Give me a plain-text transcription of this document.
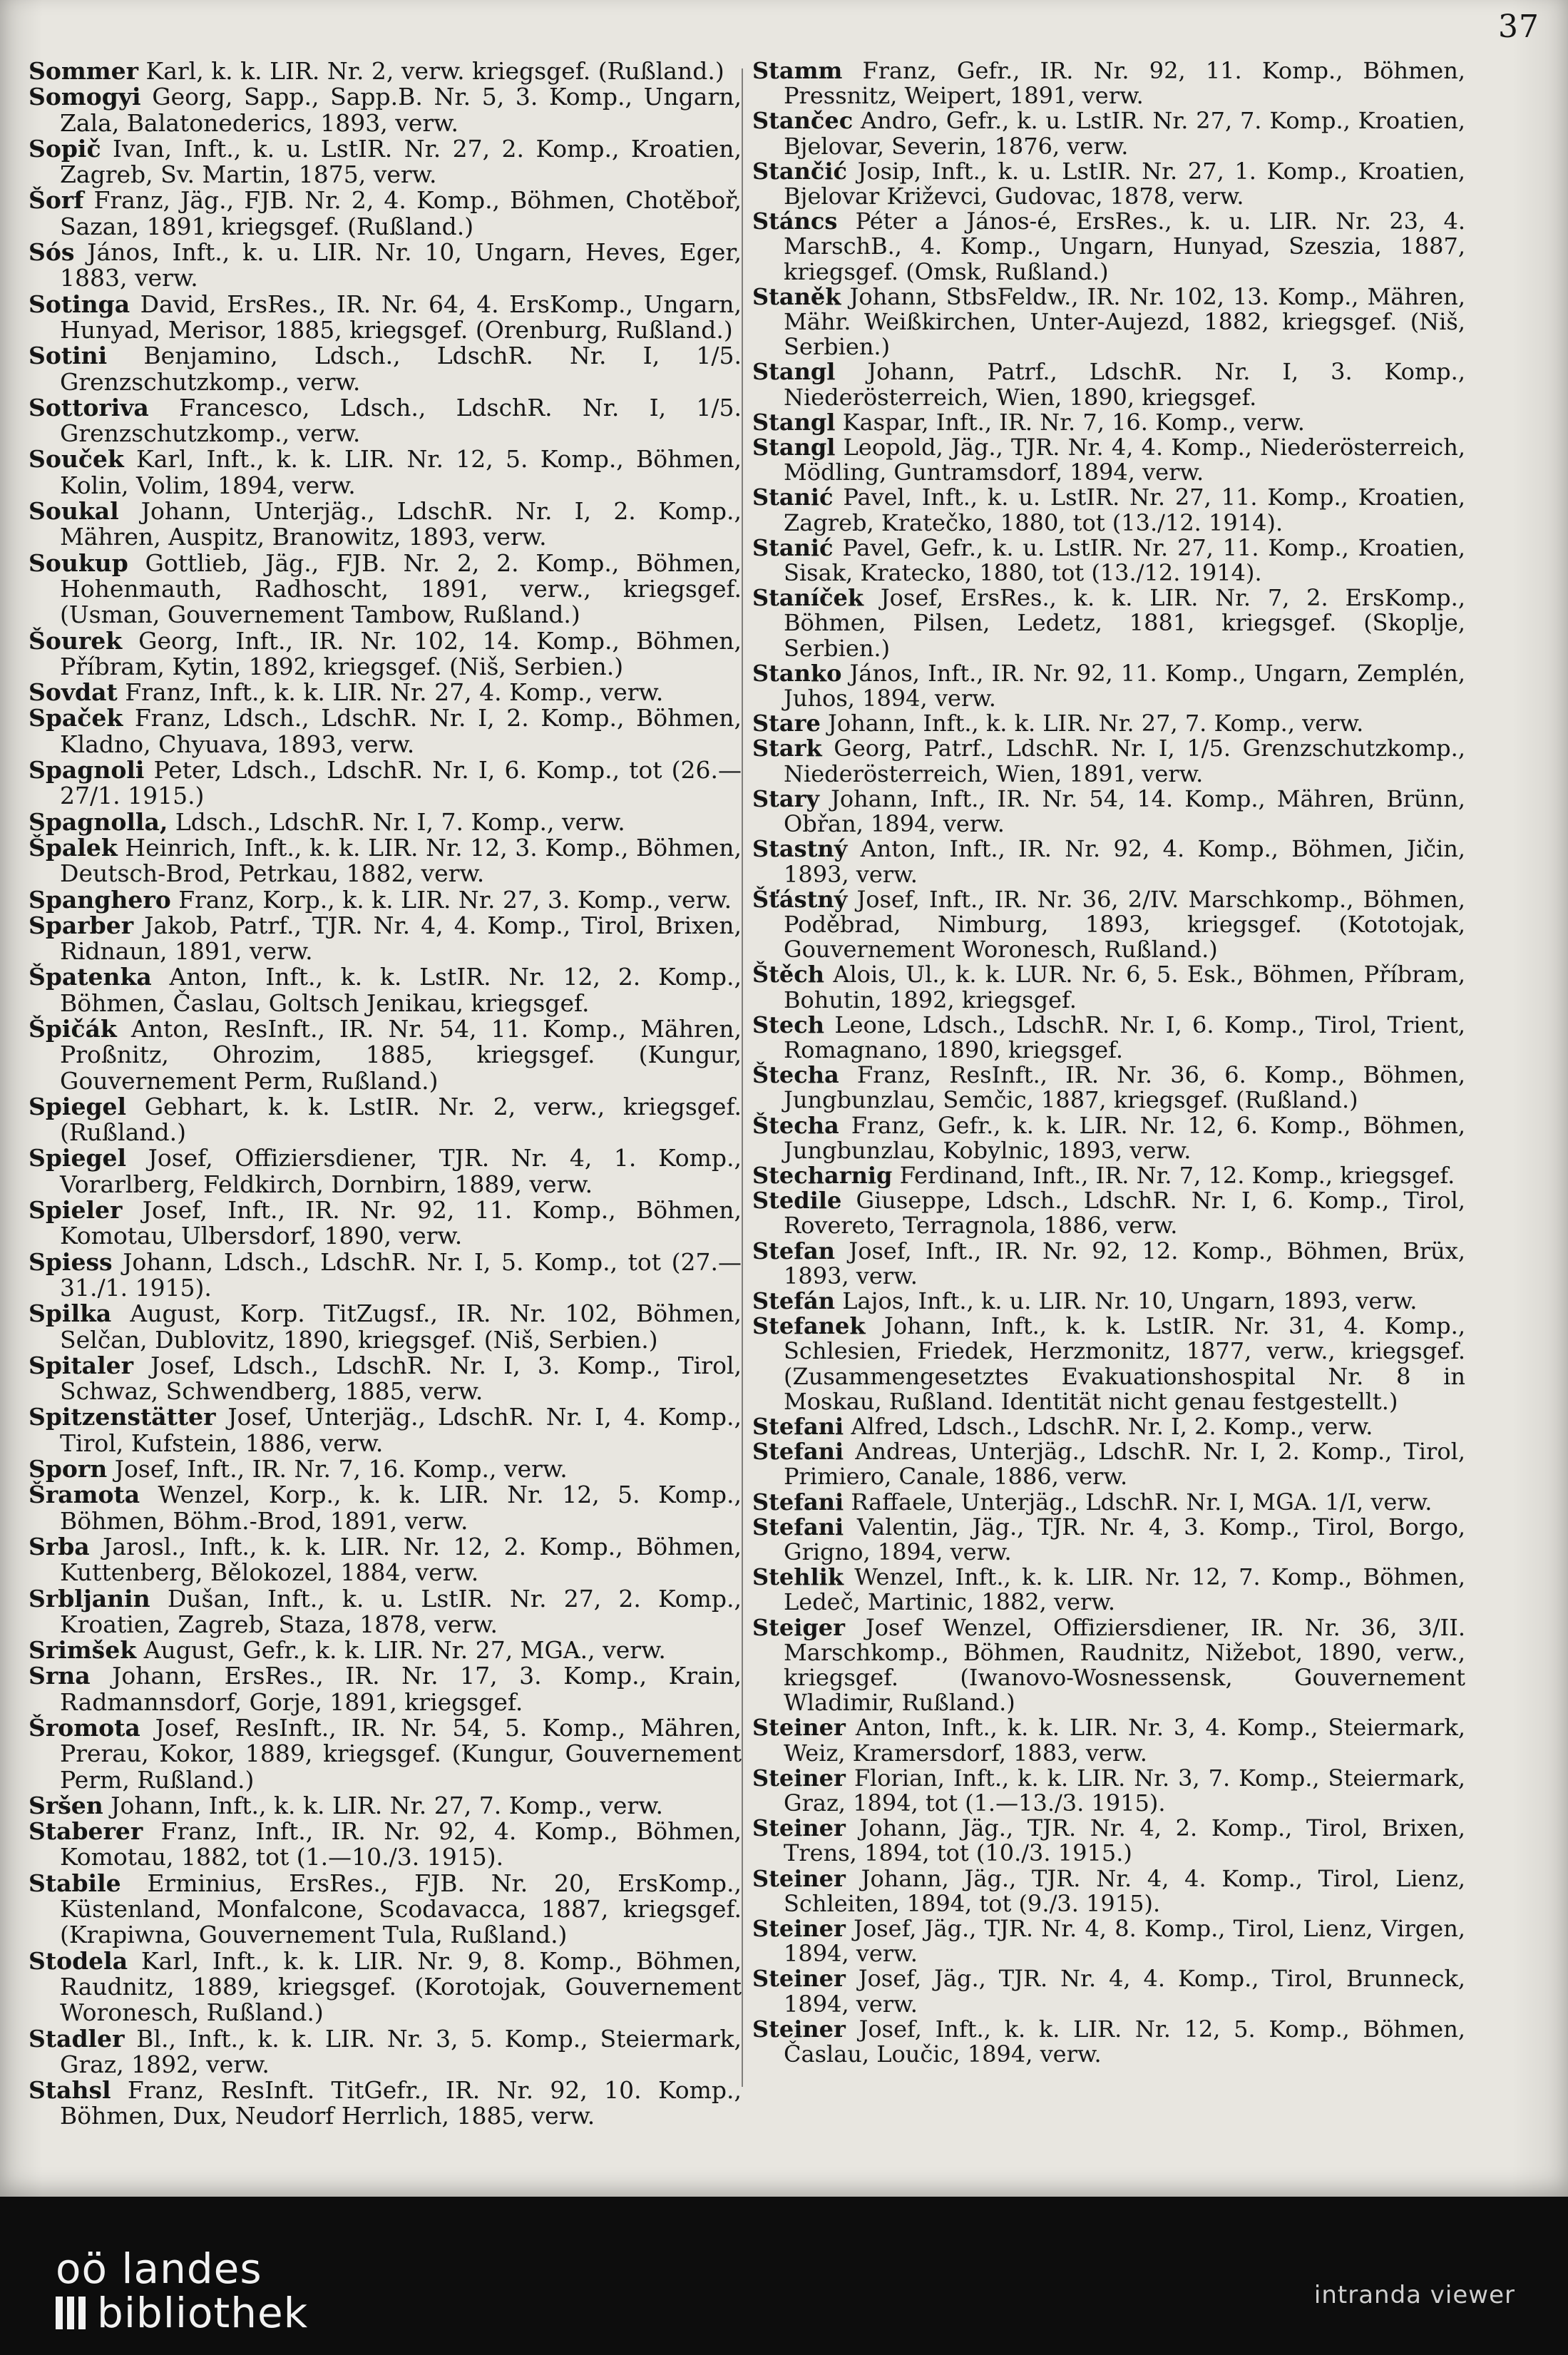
37

Sommer Karl, k. k. LIR. Nr. 2, verw. kriegsgef. (Rußland.)

Somogyi Georg, Sapp., Sapp.B. Nr. 5, 3. Komp., Ungarn, Zala, Balatonederics, 1893, verw.

Sopič Ivan, Inft., k. u. LstIR. Nr. 27, 2. Komp., Kroatien, Zagreb, Sv. Martin, 1875, verw.

Šorf Franz, Jäg., FJB. Nr. 2, 4. Komp., Böhmen, Chotěboř, Sazan, 1891, kriegsgef. (Rußland.)

Sós János, Inft., k. u. LIR. Nr. 10, Ungarn, Heves, Eger, 1883, verw.

Sotinga David, ErsRes., IR. Nr. 64, 4. ErsKomp., Ungarn, Hunyad, Merisor, 1885, kriegsgef. (Orenburg, Rußland.)

Sotini Benjamino, Ldsch., LdschR. Nr. I, 1/5. Grenzschutzkomp., verw.

Sottoriva Francesco, Ldsch., LdschR. Nr. I, 1/5. Grenzschutzkomp., verw.

Souček Karl, Inft., k. k. LIR. Nr. 12, 5. Komp., Böhmen, Kolin, Volim, 1894, verw.

Soukal Johann, Unterjäg., LdschR. Nr. I, 2. Komp., Mähren, Auspitz, Branowitz, 1893, verw.

Soukup Gottlieb, Jäg., FJB. Nr. 2, 2. Komp., Böhmen, Hohenmauth, Radhoscht, 1891, verw., kriegsgef. (Usman, Gouvernement Tambow, Rußland.)

Šourek Georg, Inft., IR. Nr. 102, 14. Komp., Böhmen, Příbram, Kytin, 1892, kriegsgef. (Niš, Serbien.)

Sovdat Franz, Inft., k. k. LIR. Nr. 27, 4. Komp., verw.

Spaček Franz, Ldsch., LdschR. Nr. I, 2. Komp., Böhmen, Kladno, Chyuava, 1893, verw.

Spagnoli Peter, Ldsch., LdschR. Nr. I, 6. Komp., tot (26.—27/1. 1915.)

Spagnolla, Ldsch., LdschR. Nr. I, 7. Komp., verw.

Špalek Heinrich, Inft., k. k. LIR. Nr. 12, 3. Komp., Böhmen, Deutsch-Brod, Petrkau, 1882, verw.

Spanghero Franz, Korp., k. k. LIR. Nr. 27, 3. Komp., verw.

Sparber Jakob, Patrf., TJR. Nr. 4, 4. Komp., Tirol, Brixen, Ridnaun, 1891, verw.

Špatenka Anton, Inft., k. k. LstIR. Nr. 12, 2. Komp., Böhmen, Časlau, Goltsch Jenikau, kriegsgef.

Špičák Anton, ResInft., IR. Nr. 54, 11. Komp., Mähren, Proßnitz, Ohrozim, 1885, kriegsgef. (Kungur, Gouvernement Perm, Rußland.)

Spiegel Gebhart, k. k. LstIR. Nr. 2, verw., kriegsgef. (Rußland.)

Spiegel Josef, Offiziersdiener, TJR. Nr. 4, 1. Komp., Vorarlberg, Feldkirch, Dornbirn, 1889, verw.

Spieler Josef, Inft., IR. Nr. 92, 11. Komp., Böhmen, Komotau, Ulbersdorf, 1890, verw.

Spiess Johann, Ldsch., LdschR. Nr. I, 5. Komp., tot (27.—31./1. 1915).

Spilka August, Korp. TitZugsf., IR. Nr. 102, Böhmen, Selčan, Dublovitz, 1890, kriegsgef. (Niš, Serbien.)

Spitaler Josef, Ldsch., LdschR. Nr. I, 3. Komp., Tirol, Schwaz, Schwendberg, 1885, verw.

Spitzenstätter Josef, Unterjäg., LdschR. Nr. I, 4. Komp., Tirol, Kufstein, 1886, verw.

Sporn Josef, Inft., IR. Nr. 7, 16. Komp., verw.

Šramota Wenzel, Korp., k. k. LIR. Nr. 12, 5. Komp., Böhmen, Böhm.-Brod, 1891, verw.

Srba Jarosl., Inft., k. k. LIR. Nr. 12, 2. Komp., Böhmen, Kuttenberg, Bělokozel, 1884, verw.

Srbljanin Dušan, Inft., k. u. LstIR. Nr. 27, 2. Komp., Kroatien, Zagreb, Staza, 1878, verw.

Srimšek August, Gefr., k. k. LIR. Nr. 27, MGA., verw.

Srna Johann, ErsRes., IR. Nr. 17, 3. Komp., Krain, Radmannsdorf, Gorje, 1891, kriegsgef.

Šromota Josef, ResInft., IR. Nr. 54, 5. Komp., Mähren, Prerau, Kokor, 1889, kriegsgef. (Kungur, Gouvernement Perm, Rußland.)

Sršen Johann, Inft., k. k. LIR. Nr. 27, 7. Komp., verw.

Staberer Franz, Inft., IR. Nr. 92, 4. Komp., Böhmen, Komotau, 1882, tot (1.—10./3. 1915).

Stabile Erminius, ErsRes., FJB. Nr. 20, ErsKomp., Küstenland, Monfalcone, Scodavacca, 1887, kriegsgef. (Krapiwna, Gouvernement Tula, Rußland.)

Stodela Karl, Inft., k. k. LIR. Nr. 9, 8. Komp., Böhmen, Raudnitz, 1889, kriegsgef. (Korotojak, Gouvernement Woronesch, Rußland.)

Stadler Bl., Inft., k. k. LIR. Nr. 3, 5. Komp., Steiermark, Graz, 1892, verw.

Stahsl Franz, ResInft. TitGefr., IR. Nr. 92, 10. Komp., Böhmen, Dux, Neudorf Herrlich, 1885, verw.

Stamm Franz, Gefr., IR. Nr. 92, 11. Komp., Böhmen, Pressnitz, Weipert, 1891, verw.

Stančec Andro, Gefr., k. u. LstIR. Nr. 27, 7. Komp., Kroatien, Bjelovar, Severin, 1876, verw.

Stančić Josip, Inft., k. u. LstIR. Nr. 27, 1. Komp., Kroatien, Bjelovar Križevci, Gudovac, 1878, verw.

Stáncs Péter a János-é, ErsRes., k. u. LIR. Nr. 23, 4. MarschB., 4. Komp., Ungarn, Hunyad, Szeszia, 1887, kriegsgef. (Omsk, Rußland.)

Staněk Johann, StbsFeldw., IR. Nr. 102, 13. Komp., Mähren, Mähr. Weißkirchen, Unter-Aujezd, 1882, kriegsgef. (Niš, Serbien.)

Stangl Johann, Patrf., LdschR. Nr. I, 3. Komp., Niederösterreich, Wien, 1890, kriegsgef.

Stangl Kaspar, Inft., IR. Nr. 7, 16. Komp., verw.

Stangl Leopold, Jäg., TJR. Nr. 4, 4. Komp., Niederösterreich, Mödling, Guntramsdorf, 1894, verw.

Stanić Pavel, Inft., k. u. LstIR. Nr. 27, 11. Komp., Kroatien, Zagreb, Kratečko, 1880, tot (13./12. 1914).

Stanić Pavel, Gefr., k. u. LstIR. Nr. 27, 11. Komp., Kroatien, Sisak, Kratecko, 1880, tot (13./12. 1914).

Staníček Josef, ErsRes., k. k. LIR. Nr. 7, 2. ErsKomp., Böhmen, Pilsen, Ledetz, 1881, kriegsgef. (Skoplje, Serbien.)

Stanko János, Inft., IR. Nr. 92, 11. Komp., Ungarn, Zemplén, Juhos, 1894, verw.

Stare Johann, Inft., k. k. LIR. Nr. 27, 7. Komp., verw.

Stark Georg, Patrf., LdschR. Nr. I, 1/5. Grenzschutzkomp., Niederösterreich, Wien, 1891, verw.

Stary Johann, Inft., IR. Nr. 54, 14. Komp., Mähren, Brünn, Obřan, 1894, verw.

Stastný Anton, Inft., IR. Nr. 92, 4. Komp., Böhmen, Jičin, 1893, verw.

Šťástný Josef, Inft., IR. Nr. 36, 2/IV. Marschkomp., Böhmen, Poděbrad, Nimburg, 1893, kriegsgef. (Kototojak, Gouvernement Woronesch, Rußland.)

Štěch Alois, Ul., k. k. LUR. Nr. 6, 5. Esk., Böhmen, Příbram, Bohutin, 1892, kriegsgef.

Stech Leone, Ldsch., LdschR. Nr. I, 6. Komp., Tirol, Trient, Romagnano, 1890, kriegsgef.

Štecha Franz, ResInft., IR. Nr. 36, 6. Komp., Böhmen, Jungbunzlau, Semčic, 1887, kriegsgef. (Rußland.)

Štecha Franz, Gefr., k. k. LIR. Nr. 12, 6. Komp., Böhmen, Jungbunzlau, Kobylnic, 1893, verw.

Stecharnig Ferdinand, Inft., IR. Nr. 7, 12. Komp., kriegsgef.

Stedile Giuseppe, Ldsch., LdschR. Nr. I, 6. Komp., Tirol, Rovereto, Terragnola, 1886, verw.

Stefan Josef, Inft., IR. Nr. 92, 12. Komp., Böhmen, Brüx, 1893, verw.

Stefán Lajos, Inft., k. u. LIR. Nr. 10, Ungarn, 1893, verw.

Stefanek Johann, Inft., k. k. LstIR. Nr. 31, 4. Komp., Schlesien, Friedek, Herzmonitz, 1877, verw., kriegsgef. (Zusammengesetztes Evakuationshospital Nr. 8 in Moskau, Rußland. Identität nicht genau festgestellt.)

Stefani Alfred, Ldsch., LdschR. Nr. I, 2. Komp., verw.

Stefani Andreas, Unterjäg., LdschR. Nr. I, 2. Komp., Tirol, Primiero, Canale, 1886, verw.

Stefani Raffaele, Unterjäg., LdschR. Nr. I, MGA. 1/I, verw.

Stefani Valentin, Jäg., TJR. Nr. 4, 3. Komp., Tirol, Borgo, Grigno, 1894, verw.

Stehlik Wenzel, Inft., k. k. LIR. Nr. 12, 7. Komp., Böhmen, Ledeč, Martinic, 1882, verw.

Steiger Josef Wenzel, Offiziersdiener, IR. Nr. 36, 3/II. Marschkomp., Böhmen, Raudnitz, Nižebot, 1890, verw., kriegsgef. (Iwanovo-Wosnessensk, Gouvernement Wladimir, Rußland.)

Steiner Anton, Inft., k. k. LIR. Nr. 3, 4. Komp., Steiermark, Weiz, Kramersdorf, 1883, verw.

Steiner Florian, Inft., k. k. LIR. Nr. 3, 7. Komp., Steiermark, Graz, 1894, tot (1.—13./3. 1915).

Steiner Johann, Jäg., TJR. Nr. 4, 2. Komp., Tirol, Brixen, Trens, 1894, tot (10./3. 1915.)

Steiner Johann, Jäg., TJR. Nr. 4, 4. Komp., Tirol, Lienz, Schleiten, 1894, tot (9./3. 1915).

Steiner Josef, Jäg., TJR. Nr. 4, 8. Komp., Tirol, Lienz, Virgen, 1894, verw.

Steiner Josef, Jäg., TJR. Nr. 4, 4. Komp., Tirol, Brunneck, 1894, verw.

Steiner Josef, Inft., k. k. LIR. Nr. 12, 5. Komp., Böhmen, Časlau, Loučic, 1894, verw.

oö landes
bibliothek	intranda viewer
